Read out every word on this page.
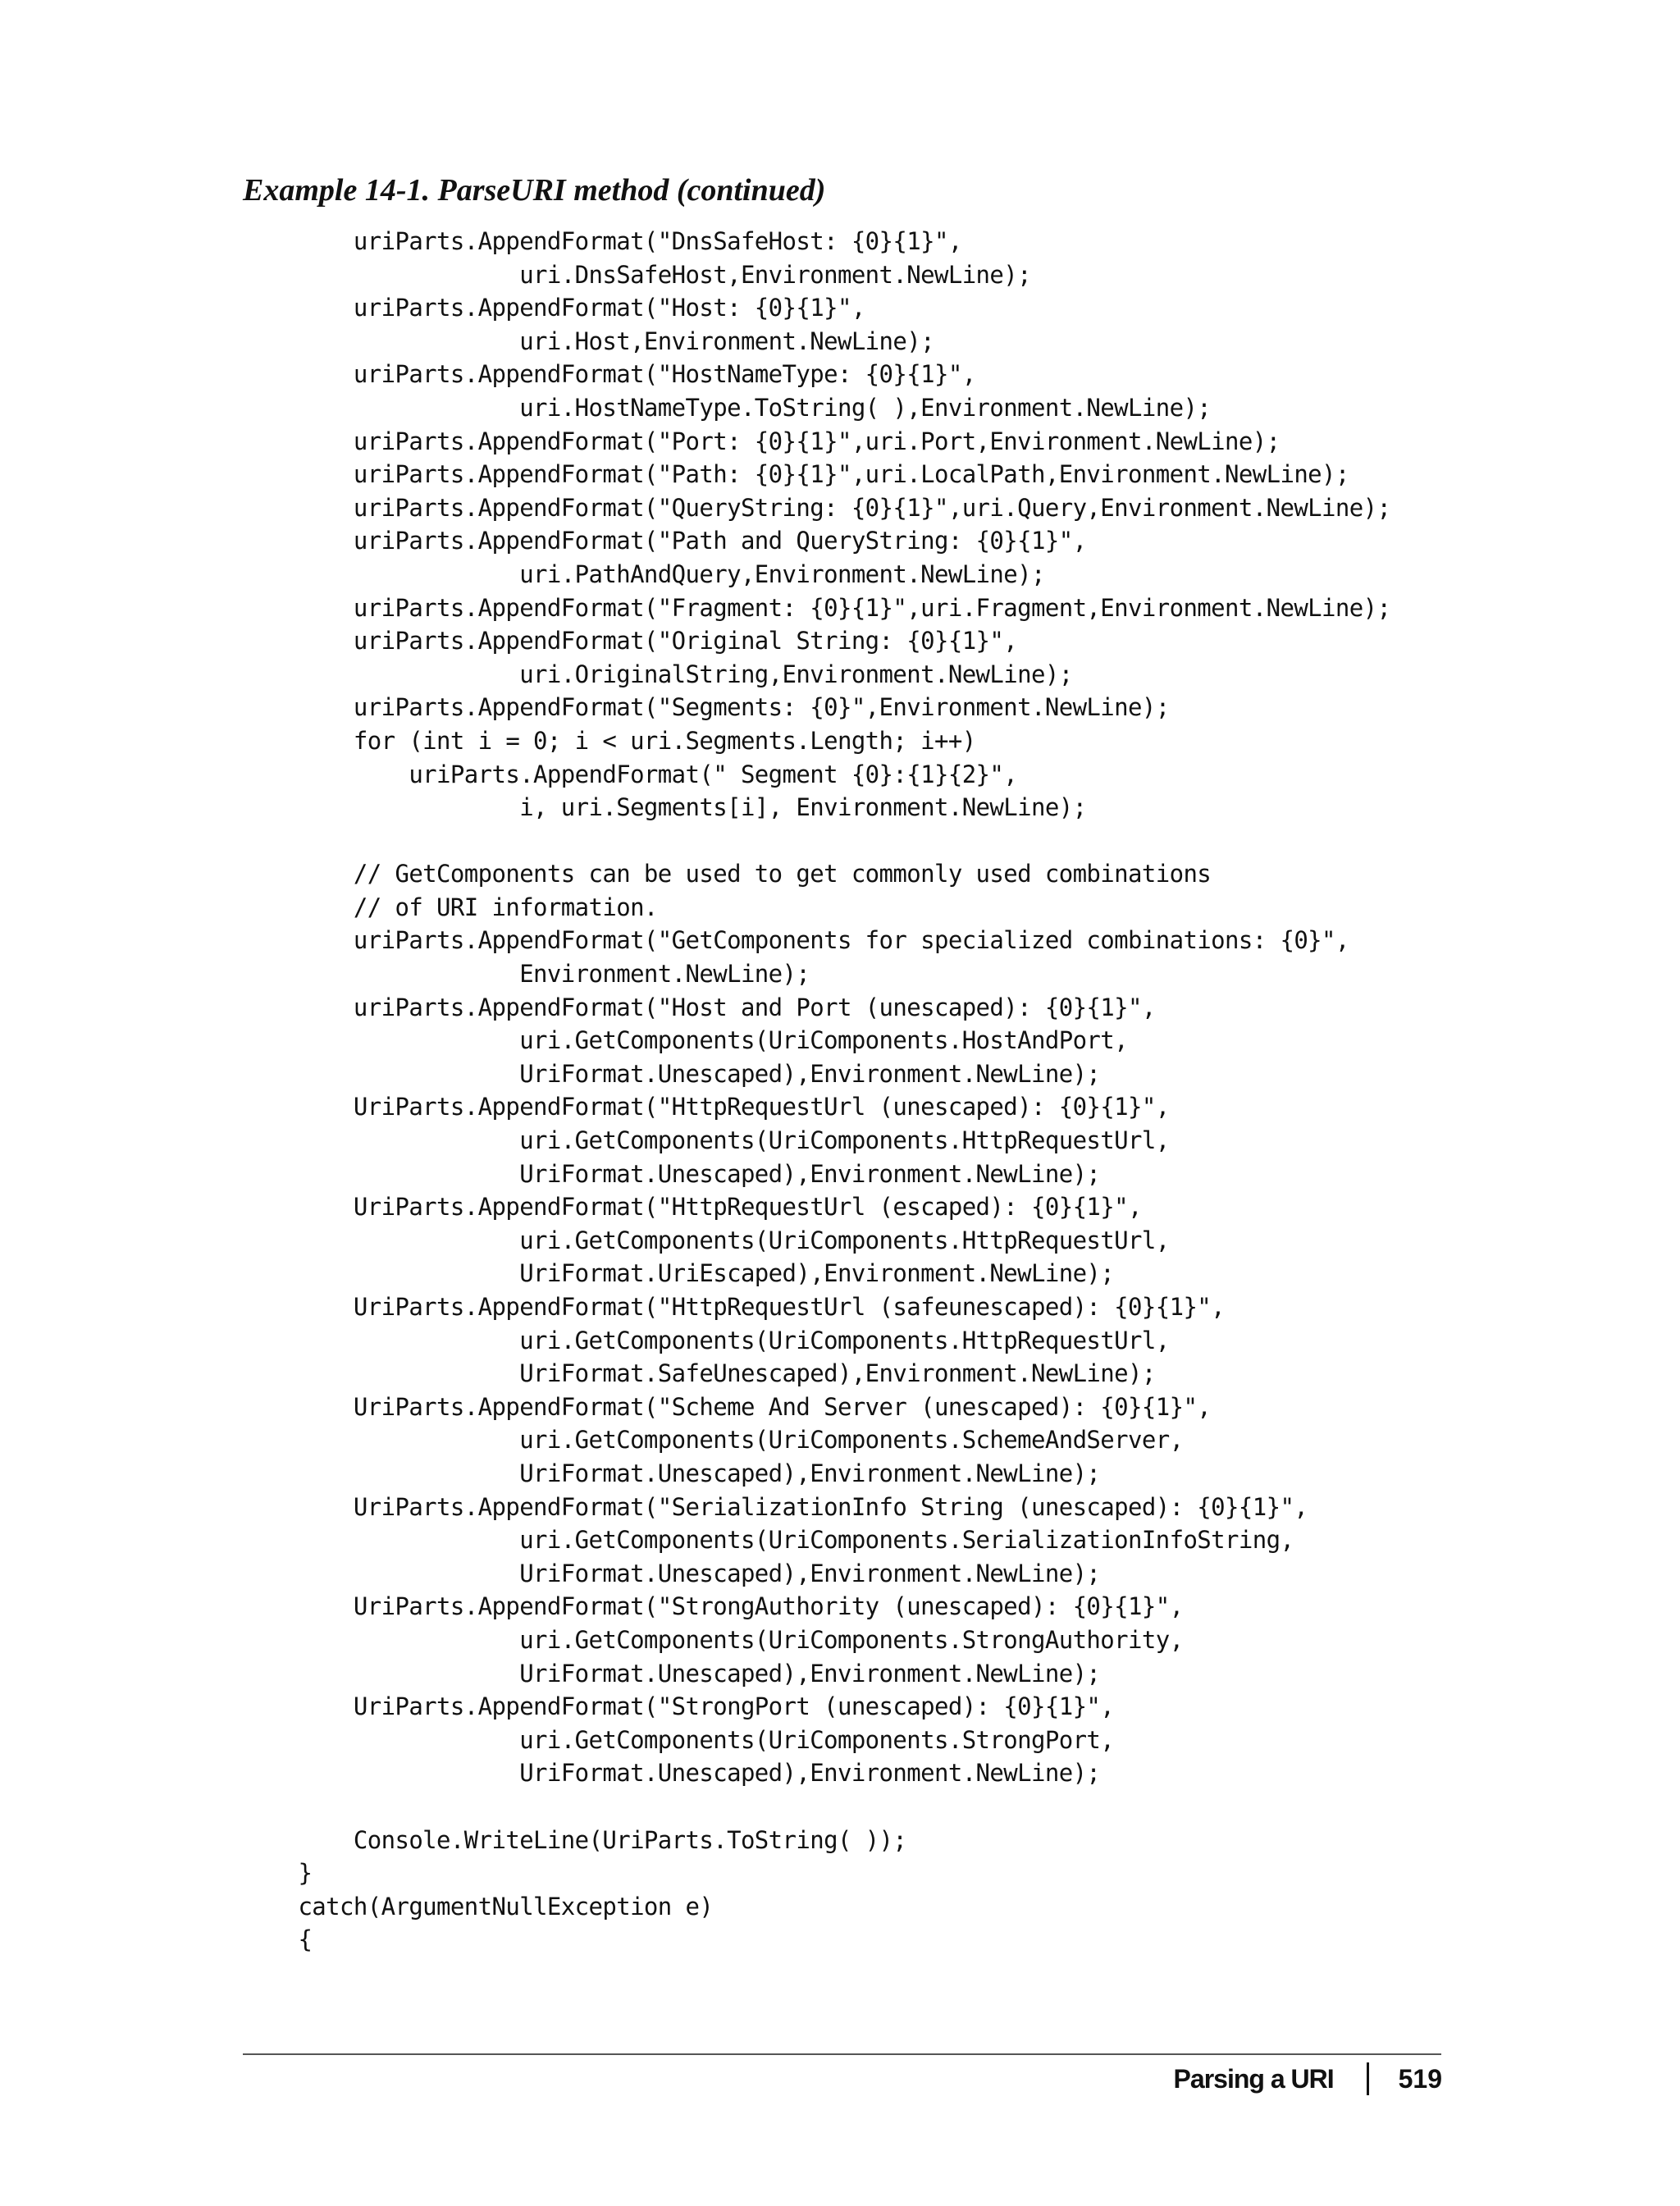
Example 14-1. ParseURI method (continued)
uriParts.AppendFormat("DnsSafeHost: {0}{1}",
uri.DnsSafeHost,Environment.NewLine);
uriParts.AppendFormat("Host: {0}{1}",
uri.Host,Environment.NewLine);
uriParts.AppendFormat("HostNameType: {0}{1}",
uri.HostNameType.ToString( ),Environment.NewLine);
uriParts.AppendFormat("Port: {0}{1}",uri.Port,Environment.NewLine);
uriParts.AppendFormat("Path: {0}{1}",uri.LocalPath,Environment.NewLine);
uriParts.AppendFormat("QueryString: {0}{1}",uri.Query,Environment.NewLine);
uriParts.AppendFormat("Path and QueryString: {0}{1}",
uri.PathAndQuery,Environment.NewLine);
uriParts.AppendFormat("Fragment: {0}{1}",uri.Fragment,Environment.NewLine);
uriParts.AppendFormat("Original String: {0}{1}",
uri.OriginalString,Environment.NewLine);
uriParts.AppendFormat("Segments: {0}",Environment.NewLine);
for (int i = 0; i < uri.Segments.Length; i++)
uriParts.AppendFormat(" Segment {0}:{1}{2}",
i, uri.Segments[i], Environment.NewLine);
// GetComponents can be used to get commonly used combinations
// of URI information.
uriParts.AppendFormat("GetComponents for specialized combinations: {0}",
Environment.NewLine);
uriParts.AppendFormat("Host and Port (unescaped): {0}{1}",
uri.GetComponents(UriComponents.HostAndPort,
UriFormat.Unescaped),Environment.NewLine);
UriParts.AppendFormat("HttpRequestUrl (unescaped): {0}{1}",
uri.GetComponents(UriComponents.HttpRequestUrl,
UriFormat.Unescaped),Environment.NewLine);
UriParts.AppendFormat("HttpRequestUrl (escaped): {0}{1}",
uri.GetComponents(UriComponents.HttpRequestUrl,
UriFormat.UriEscaped),Environment.NewLine);
UriParts.AppendFormat("HttpRequestUrl (safeunescaped): {0}{1}",
uri.GetComponents(UriComponents.HttpRequestUrl,
UriFormat.SafeUnescaped),Environment.NewLine);
UriParts.AppendFormat("Scheme And Server (unescaped): {0}{1}",
uri.GetComponents(UriComponents.SchemeAndServer,
UriFormat.Unescaped),Environment.NewLine);
UriParts.AppendFormat("SerializationInfo String (unescaped): {0}{1}",
uri.GetComponents(UriComponents.SerializationInfoString,
UriFormat.Unescaped),Environment.NewLine);
UriParts.AppendFormat("StrongAuthority (unescaped): {0}{1}",
uri.GetComponents(UriComponents.StrongAuthority,
UriFormat.Unescaped),Environment.NewLine);
UriParts.AppendFormat("StrongPort (unescaped): {0}{1}",
uri.GetComponents(UriComponents.StrongPort,
UriFormat.Unescaped),Environment.NewLine);
Console.WriteLine(UriParts.ToString( ));
}
catch(ArgumentNullException e)
{
Parsing a URI 519
